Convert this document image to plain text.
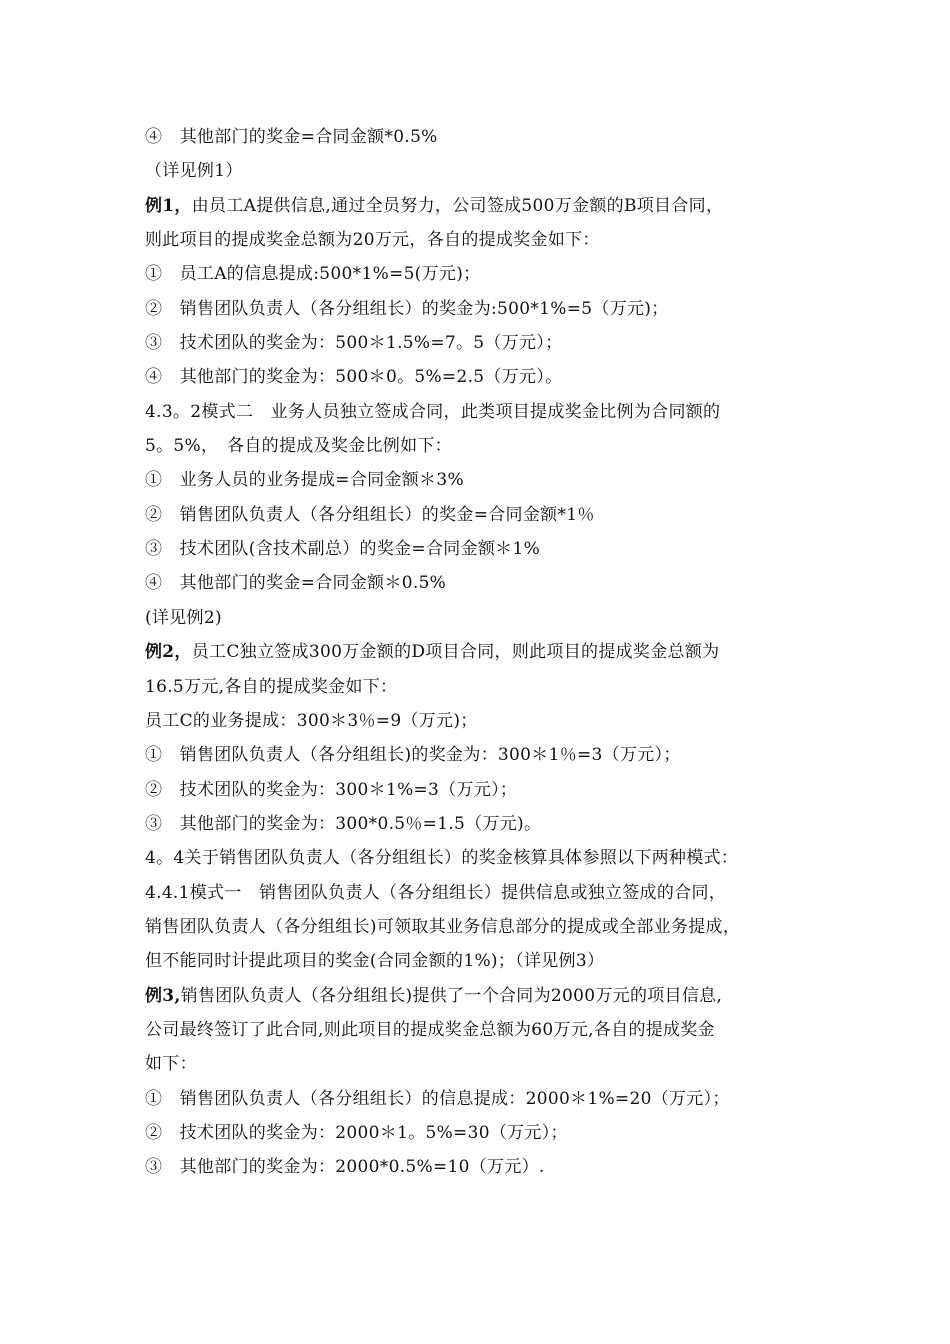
④　其他部门的奖金=合同金额*0.5%
（详见例1）
例1，由员工A提供信息,通过全员努力，公司签成500万金额的B项目合同，
则此项目的提成奖金总额为20万元，各自的提成奖金如下：
①　员工A的信息提成:500*1%=5(万元)；
②　销售团队负责人（各分组组长）的奖金为:500*1%=5（万元)；
③　技术团队的奖金为：500＊1.5%=7。5（万元）；
④　其他部门的奖金为：500＊0。5%=2.5（万元）。
4.3。2模式二　业务人员独立签成合同，此类项目提成奖金比例为合同额的
5。5%，　各自的提成及奖金比例如下：
①　业务人员的业务提成=合同金额＊3%
②　销售团队负责人（各分组组长）的奖金=合同金额*1％
③　技术团队(含技术副总）的奖金=合同金额＊1%
④　其他部门的奖金=合同金额＊0.5%
(详见例2)
例2，员工C独立签成300万金额的D项目合同，则此项目的提成奖金总额为
16.5万元,各自的提成奖金如下：
员工C的业务提成：300＊3％=9（万元)；
①　销售团队负责人（各分组组长)的奖金为：300＊1％=3（万元）；
②　技术团队的奖金为：300＊1%=3（万元）；
③　其他部门的奖金为：300*0.5％=1.5（万元)。
4。4关于销售团队负责人（各分组组长）的奖金核算具体参照以下两种模式：
4.4.1模式一　销售团队负责人（各分组组长）提供信息或独立签成的合同，
销售团队负责人（各分组组长)可领取其业务信息部分的提成或全部业务提成，
但不能同时计提此项目的奖金(合同金额的1%)；（详见例3）
例3,销售团队负责人（各分组组长)提供了一个合同为2000万元的项目信息,
公司最终签订了此合同,则此项目的提成奖金总额为60万元,各自的提成奖金
如下：
①　销售团队负责人（各分组组长）的信息提成：2000＊1%=20（万元）；
②　技术团队的奖金为：2000＊1。5%=30（万元）；
③　其他部门的奖金为：2000*0.5%=10（万元）.
